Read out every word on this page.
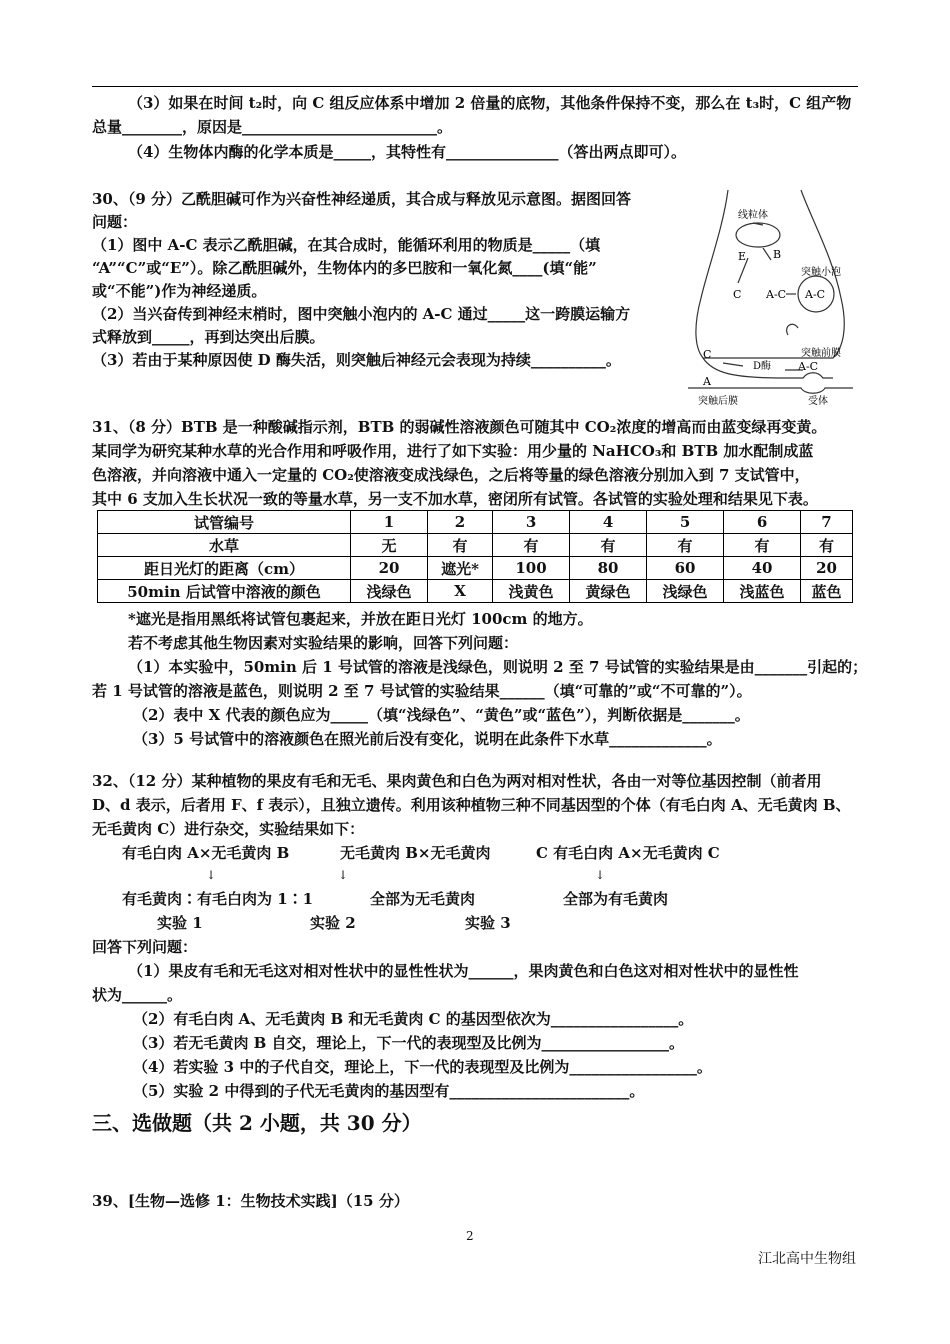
（3）如果在时间 t₂时，向 C 组反应体系中增加 2 倍量的底物，其他条件保持不变，那么在 t₃时，C 组产物
总量________，原因是__________________________。
（4）生物体内酶的化学本质是_____，其特性有_______________（答出两点即可）。
30、（9 分）乙酰胆碱可作为兴奋性神经递质，其合成与释放见示意图。据图回答
问题：
（1）图中 A-C 表示乙酰胆碱，在其合成时，能循环利用的物质是_____（填
“A”“C”或“E”）。除乙酰胆碱外，生物体内的多巴胺和一氧化氮____(填“能”
或“不能”)作为神经递质。
（2）当兴奋传到神经末梢时，图中突触小泡内的 A-C 通过_____这一跨膜运输方
式释放到_____，再到达突出后膜。
（3）若由于某种原因使 D 酶失活，则突触后神经元会表现为持续__________。
线粒体
突触小泡
E B
C A-C A-C
突触前膜
C
D酶 A-C
A
突触后膜	受体
31、（8 分）BTB 是一种酸碱指示剂，BTB 的弱碱性溶液颜色可随其中 CO₂浓度的增高而由蓝变绿再变黄。
某同学为研究某种水草的光合作用和呼吸作用，进行了如下实验：用少量的 NaHCO₃和 BTB 加水配制成蓝
色溶液，并向溶液中通入一定量的 CO₂使溶液变成浅绿色，之后将等量的绿色溶液分别加入到 7 支试管中，
其中 6 支加入生长状况一致的等量水草，另一支不加水草，密闭所有试管。各试管的实验处理和结果见下表。
试管编号	1	2	3	4	5	6	7
水草	无	有	有	有	有	有	有
距日光灯的距离（cm）	20	遮光*	100	80	60	40	20
50min 后试管中溶液的颜色	浅绿色	X	浅黄色	黄绿色	浅绿色	浅蓝色	蓝色
*遮光是指用黑纸将试管包裹起来，并放在距日光灯 100cm 的地方。
若不考虑其他生物因素对实验结果的影响，回答下列问题：
（1）本实验中，50min 后 1 号试管的溶液是浅绿色，则说明 2 至 7 号试管的实验结果是由_______引起的；
若 1 号试管的溶液是蓝色，则说明 2 至 7 号试管的实验结果______（填“可靠的”或“不可靠的”）。
（2）表中 X 代表的颜色应为_____（填“浅绿色”、“黄色”或“蓝色”），判断依据是_______。
（3）5 号试管中的溶液颜色在照光前后没有变化，说明在此条件下水草_____________。
32、（12 分）某种植物的果皮有毛和无毛、果肉黄色和白色为两对相对性状，各由一对等位基因控制（前者用
D、d 表示，后者用 F、f 表示），且独立遗传。利用该种植物三种不同基因型的个体（有毛白肉 A、无毛黄肉 B、
无毛黄肉 C）进行杂交，实验结果如下：
有毛白肉 A×无毛黄肉 B	无毛黄肉 B×无毛黄肉	C 有毛白肉 A×无毛黄肉 C
↓	↓	↓
有毛黄肉∶有毛白肉为 1∶1	全部为无毛黄肉	全部为有毛黄肉
实验 1	实验 2	实验 3
回答下列问题：
（1）果皮有毛和无毛这对相对性状中的显性性状为______，果肉黄色和白色这对相对性状中的显性性
状为______。
（2）有毛白肉 A、无毛黄肉 B 和无毛黄肉 C 的基因型依次为_________________。
（3）若无毛黄肉 B 自交，理论上，下一代的表现型及比例为_________________。
（4）若实验 3 中的子代自交，理论上，下一代的表现型及比例为_________________。
（5）实验 2 中得到的子代无毛黄肉的基因型有________________________。
三、选做题（共 2 小题，共 30 分）
39、[生物—选修 1：生物技术实践]（15 分）
2
江北高中生物组
